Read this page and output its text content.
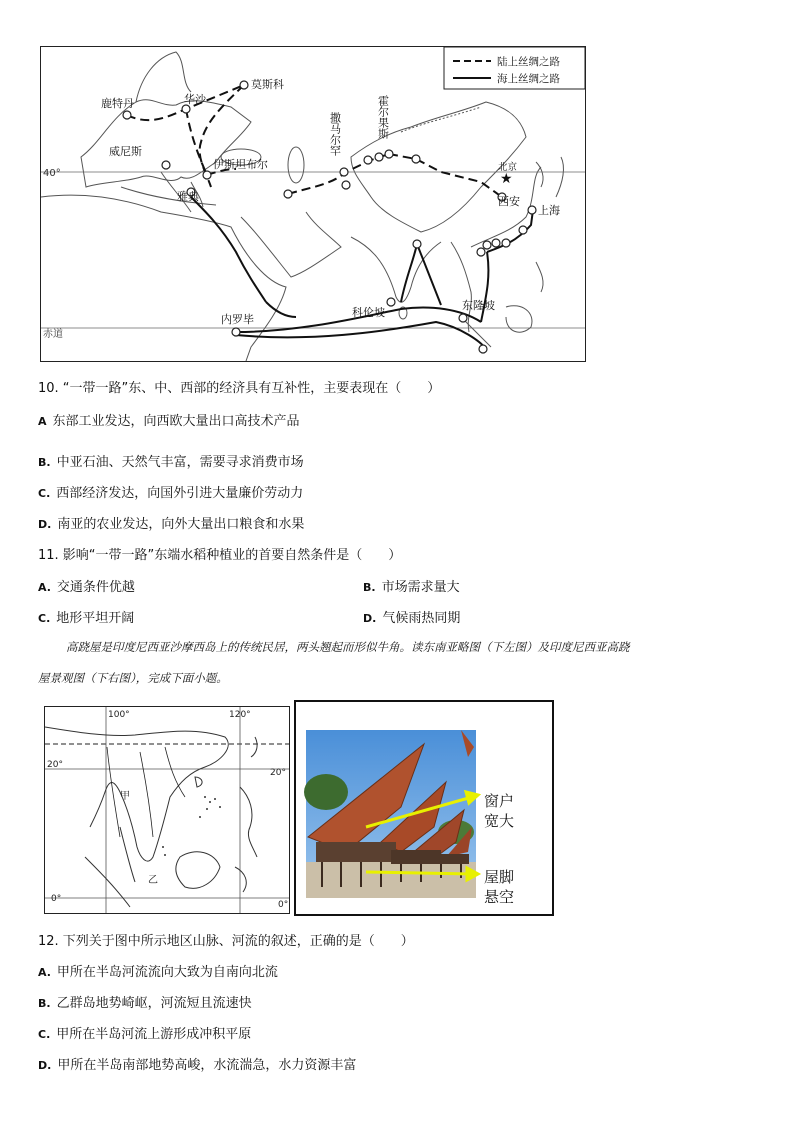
40°
赤道
★
鹿特丹	华沙
莫斯科
威尼斯
伊斯坦布尔
雅典
北京
西安
上海
科伦坡
东隆坡
内罗毕
撒马尔罕	霍尔果斯
陆上丝绸之路
海上丝绸之路
10. “一带一路”东、中、西部的经济具有互补性，主要表现在（　　）
A 东部工业发达，向西欧大量出口高技术产品
B. 中亚石油、天然气丰富，需要寻求消费市场
C. 西部经济发达，向国外引进大量廉价劳动力
D. 南亚的农业发达，向外大量出口粮食和水果
11. 影响“一带一路”东端水稻种植业的首要自然条件是（　　）
A. 交通条件优越	B. 市场需求量大
C. 地形平坦开阔	D. 气候雨热同期
高跷屋是印度尼西亚沙摩西岛上的传统民居，两头翘起而形似牛角。读东南亚略图（下左图）及印度尼西亚高跷
屋景观图（下右图），完成下面小题。
100°	120°
20°
20°
0°
0°
甲
乙
窗户
宽大
屋脚
悬空
12. 下列关于图中所示地区山脉、河流的叙述，正确的是（　　）
A. 甲所在半岛河流流向大致为自南向北流
B. 乙群岛地势崎岖，河流短且流速快
C. 甲所在半岛河流上游形成冲积平原
D. 甲所在半岛南部地势高峻，水流湍急，水力资源丰富
